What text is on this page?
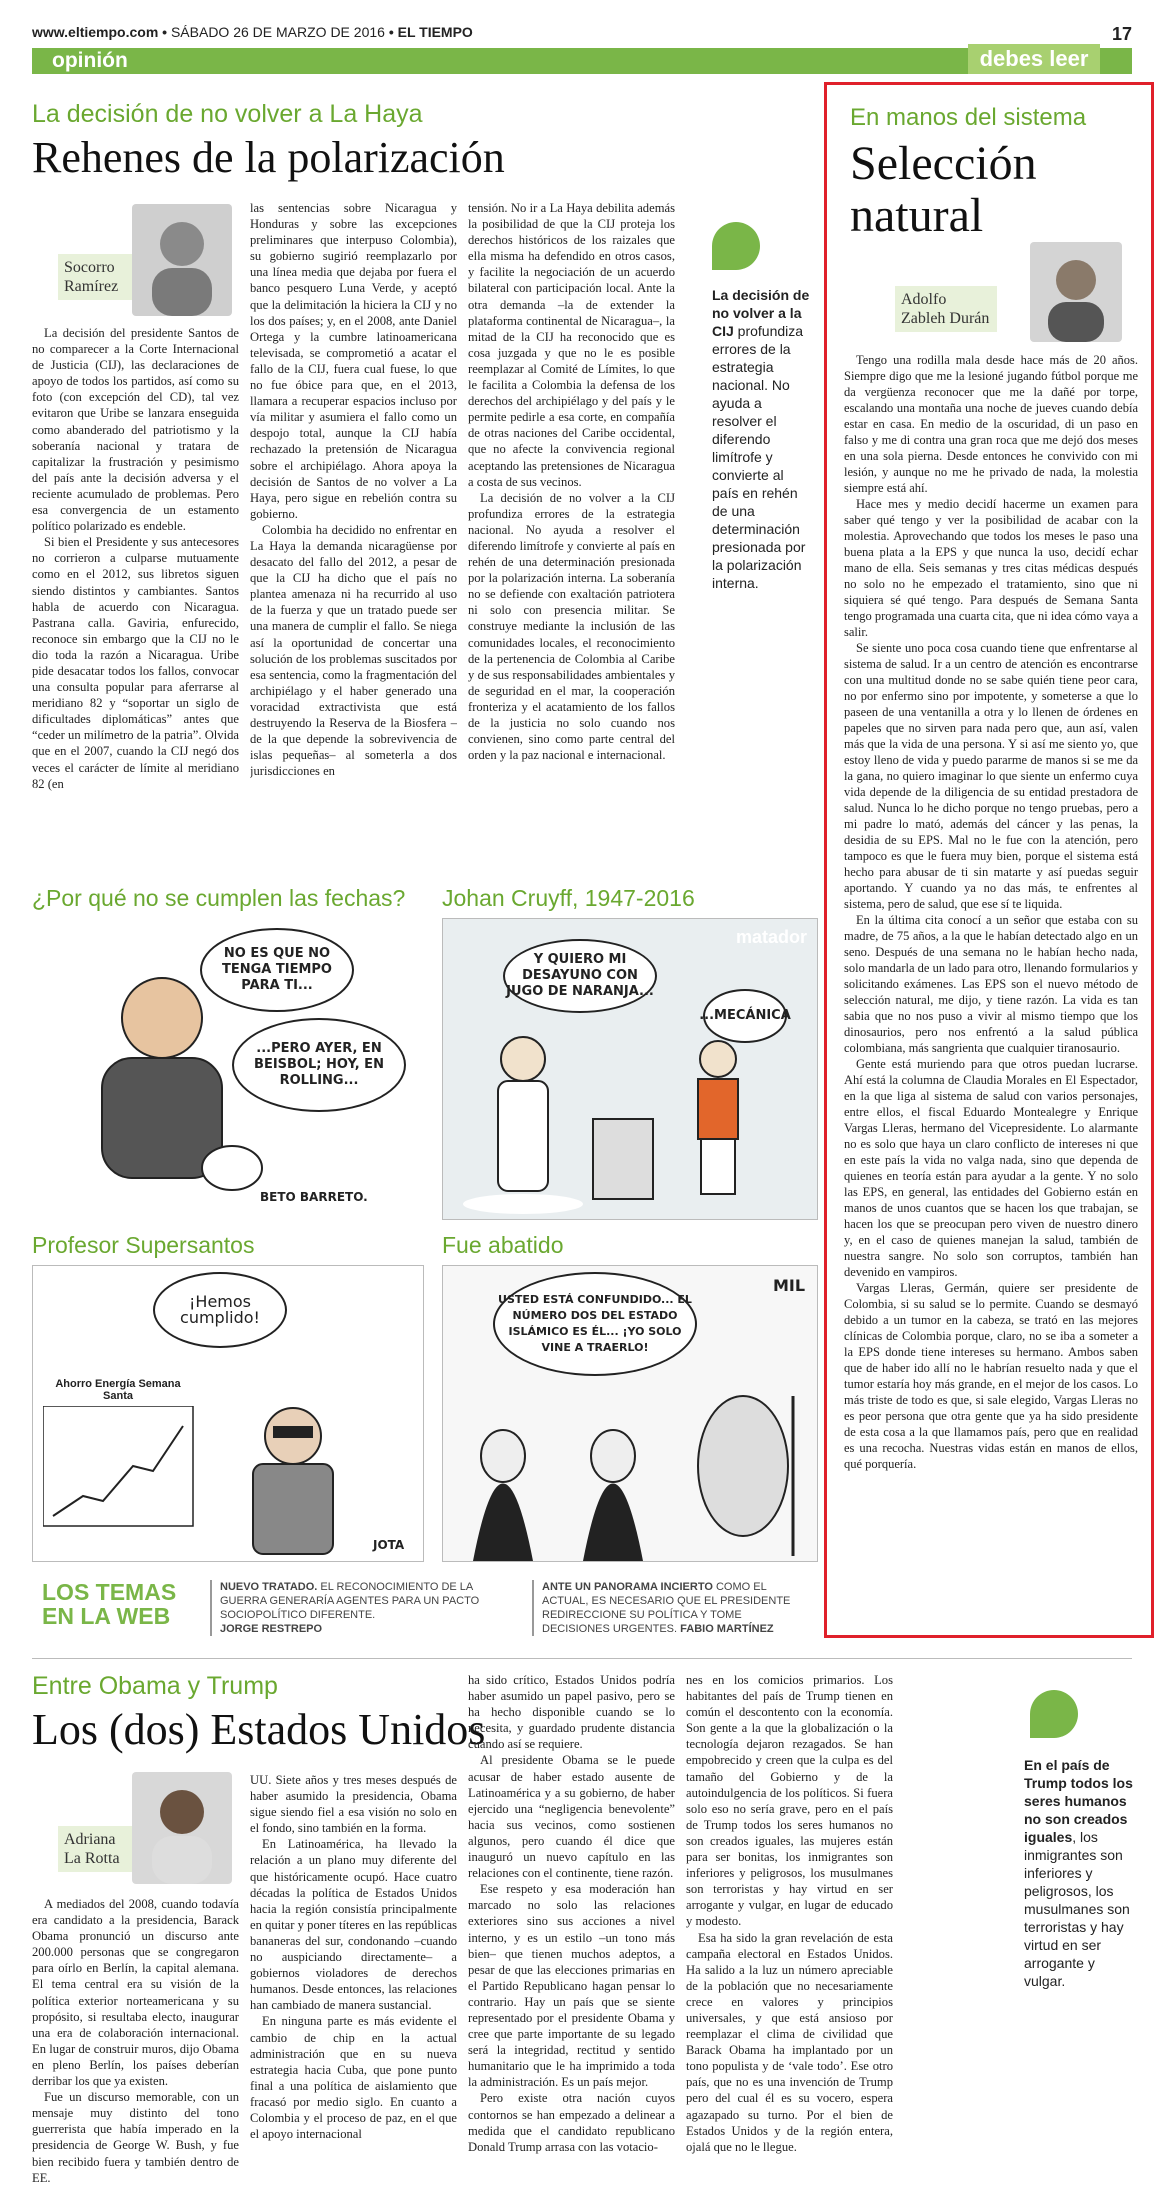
www.eltiempo.com • SÁBADO 26 DE MARZO DE 2016 • EL TIEMPO	17
opinión	debes leer
La decisión de no volver a La Haya
Rehenes de la polarización
Socorro Ramírez

La decisión del presidente Santos de no comparecer a la Corte Internacional de Justicia (CIJ), las declaraciones de apoyo de todos los partidos, así como su foto (con excepción del CD), tal vez evitaron que Uribe se lanzara enseguida como abanderado del patriotismo y la soberanía nacional y tratara de capitalizar la frustración y pesimismo del país ante la decisión adversa y el reciente acumulado de problemas. Pero esa convergencia de un estamento político polarizado es endeble.

Si bien el Presidente y sus antecesores no corrieron a culparse mutuamente como en el 2012, sus libretos siguen siendo distintos y cambiantes. Santos habla de acuerdo con Nicaragua. Pastrana calla. Gaviria, enfurecido, reconoce sin embargo que la CIJ no le dio toda la razón a Nicaragua. Uribe pide desacatar todos los fallos, convocar una consulta popular para aferrarse al meridiano 82 y “soportar un siglo de dificultades diplomáticas” antes que “ceder un milímetro de la patria”. Olvida que en el 2007, cuando la CIJ negó dos veces el carácter de límite al meridiano 82 (en

las sentencias sobre Nicaragua y Honduras y sobre las excepciones preliminares que interpuso Colombia), su gobierno sugirió reemplazarlo por una línea media que dejaba por fuera el banco pesquero Luna Verde, y aceptó que la delimitación la hiciera la CIJ y no los dos países; y, en el 2008, ante Daniel Ortega y la cumbre latinoamericana televisada, se comprometió a acatar el fallo de la CIJ, fuera cual fuese, lo que no fue óbice para que, en el 2013, llamara a recuperar espacios incluso por vía militar y asumiera el fallo como un despojo total, aunque la CIJ había rechazado la pretensión de Nicaragua sobre el archipiélago. Ahora apoya la decisión de Santos de no volver a La Haya, pero sigue en rebelión contra su gobierno.

Colombia ha decidido no enfrentar en La Haya la demanda nicaragüense por desacato del fallo del 2012, a pesar de que la CIJ ha dicho que el país no plantea amenaza ni ha recurrido al uso de la fuerza y que un tratado puede ser una manera de cumplir el fallo. Se niega así la oportunidad de concertar una solución de los problemas suscitados por esa sentencia, como la fragmentación del archipiélago y el haber generado una voracidad extractivista que está destruyendo la Reserva de la Biosfera –de la que depende la sobrevivencia de islas pequeñas– al someterla a dos jurisdicciones en

tensión. No ir a La Haya debilita además la posibilidad de que la CIJ proteja los derechos históricos de los raizales que ella misma ha defendido en otros casos, y facilite la negociación de un acuerdo bilateral con participación local. Ante la otra demanda –la de extender la plataforma continental de Nicaragua–, la mitad de la CIJ ha reconocido que es cosa juzgada y que no le es posible reemplazar al Comité de Límites, lo que le facilita a Colombia la defensa de los derechos del archipiélago y del país y le permite pedirle a esa corte, en compañía de otras naciones del Caribe occidental, que no afecte la convivencia regional aceptando las pretensiones de Nicaragua a costa de sus vecinos.

La decisión de no volver a la CIJ profundiza errores de la estrategia nacional. No ayuda a resolver el diferendo limítrofe y convierte al país en rehén de una determinación presionada por la polarización interna. La soberanía no se defiende con exaltación patriotera ni solo con presencia militar. Se construye mediante la inclusión de las comunidades locales, el reconocimiento de la pertenencia de Colombia al Caribe y de sus responsabilidades ambientales y de seguridad en el mar, la cooperación fronteriza y el acatamiento de los fallos de la justicia no solo cuando nos convienen, sino como parte central del orden y la paz nacional e internacional.

La decisión de no volver a la CIJ profundiza errores de la estrategia nacional. No ayuda a resolver el diferendo limítrofe y convierte al país en rehén de una determinación presionada por la polarización interna.
¿Por qué no se cumplen las fechas?
NO ES QUE NO TENGA TIEMPO PARA TI...
...PERO AYER, EN BEISBOL; HOY, EN ROLLING...
BETO BARRETO.
Johan Cruyff, 1947-2016
matador
Y QUIERO MI DESAYUNO CON JUGO DE NARANJA...
...MECÁNICA
Profesor Supersantos
¡Hemos cumplido!
Ahorro Energía Semana Santa
JOTA
Fue abatido
USTED ESTÁ CONFUNDIDO... EL NÚMERO DOS DEL ESTADO ISLÁMICO ES ÉL... ¡YO SOLO VINE A TRAERLO!
MIL
LOS TEMAS EN LA WEB
NUEVO TRATADO. EL RECONOCIMIENTO DE LA GUERRA GENERARÍA AGENTES PARA UN PACTO SOCIOPOLÍTICO DIFERENTE.
JORGE RESTREPO
ANTE UN PANORAMA INCIERTO COMO EL ACTUAL, ES NECESARIO QUE EL PRESIDENTE REDIRECCIONE SU POLÍTICA Y TOME DECISIONES URGENTES. FABIO MARTÍNEZ
En manos del sistema
Selección
natural
Adolfo Zableh Durán

Tengo una rodilla mala desde hace más de 20 años. Siempre digo que me la lesioné jugando fútbol porque me da vergüenza reconocer que me la dañé por torpe, escalando una montaña una noche de jueves cuando debía estar en casa. En medio de la oscuridad, di un paso en falso y me di contra una gran roca que me dejó dos meses en una sola pierna. Desde entonces he convivido con mi lesión, y aunque no me he privado de nada, la molestia siempre está ahí.

Hace mes y medio decidí hacerme un examen para saber qué tengo y ver la posibilidad de acabar con la molestia. Aprovechando que todos los meses le paso una buena plata a la EPS y que nunca la uso, decidí echar mano de ella. Seis semanas y tres citas médicas después no solo no he empezado el tratamiento, sino que ni siquiera sé qué tengo. Para después de Semana Santa tengo programada una cuarta cita, que ni idea cómo vaya a salir.

Se siente uno poca cosa cuando tiene que enfrentarse al sistema de salud. Ir a un centro de atención es encontrarse con una multitud donde no se sabe quién tiene peor cara, no por enfermo sino por impotente, y someterse a que lo paseen de una ventanilla a otra y lo llenen de órdenes en papeles que no sirven para nada pero que, aun así, valen más que la vida de una persona. Y si así me siento yo, que estoy lleno de vida y puedo pararme de manos si se me da la gana, no quiero imaginar lo que siente un enfermo cuya vida depende de la diligencia de su entidad prestadora de salud. Nunca lo he dicho porque no tengo pruebas, pero a mi padre lo mató, además del cáncer y las penas, la desidia de su EPS. Mal no le fue con la atención, pero tampoco es que le fuera muy bien, porque el sistema está hecho para abusar de ti sin matarte y así puedas seguir aportando. Y cuando ya no das más, te enfrentes al sistema, pero de salud, que ese sí te liquida.

En la última cita conocí a un señor que estaba con su madre, de 75 años, a la que le habían detectado algo en un seno. Después de una semana no le habían hecho nada, solo mandarla de un lado para otro, llenando formularios y solicitando exámenes. Las EPS son el nuevo método de selección natural, me dijo, y tiene razón. La vida es tan sabia que no nos puso a vivir al mismo tiempo que los dinosaurios, pero nos enfrentó a la salud pública colombiana, más sangrienta que cualquier tiranosaurio.

Gente está muriendo para que otros puedan lucrarse. Ahí está la columna de Claudia Morales en El Espectador, en la que liga al sistema de salud con varios personajes, entre ellos, el fiscal Eduardo Montealegre y Enrique Vargas Lleras, hermano del Vicepresidente. Lo alarmante no es solo que haya un claro conflicto de intereses ni que en este país la vida no valga nada, sino que dependa de quienes en teoría están para ayudar a la gente. Y no solo las EPS, en general, las entidades del Gobierno están en manos de unos cuantos que se hacen los que trabajan, se hacen los que se preocupan pero viven de nuestro dinero y, en el caso de quienes manejan la salud, también de nuestra sangre. No solo son corruptos, también han devenido en vampiros.

Vargas Lleras, Germán, quiere ser presidente de Colombia, si su salud se lo permite. Cuando se desmayó debido a un tumor en la cabeza, se trató en las mejores clínicas de Colombia porque, claro, no se iba a someter a la EPS donde tiene intereses su hermano. Ambos saben que de haber ido allí no le habrían resuelto nada y que el tumor estaría hoy más grande, en el mejor de los casos. Lo más triste de todo es que, si sale elegido, Vargas Lleras no es peor persona que otra gente que ya ha sido presidente de esta cosa a la que llamamos país, pero que en realidad es una recocha. Nuestras vidas están en manos de ellos, qué porquería.

Entre Obama y Trump
Los (dos) Estados Unidos
Adriana La Rotta

A mediados del 2008, cuando todavía era candidato a la presidencia, Barack Obama pronunció un discurso ante 200.000 personas que se congregaron para oírlo en Berlín, la capital alemana. El tema central era su visión de la política exterior norteamericana y su propósito, si resultaba electo, inaugurar una era de colaboración internacional. En lugar de construir muros, dijo Obama en pleno Berlín, los países deberían derribar los que ya existen.

Fue un discurso memorable, con un mensaje muy distinto del tono guerrerista que había imperado en la presidencia de George W. Bush, y fue bien recibido fuera y también dentro de EE.

UU. Siete años y tres meses después de haber asumido la presidencia, Obama sigue siendo fiel a esa visión no solo en el fondo, sino también en la forma.

En Latinoamérica, ha llevado la relación a un plano muy diferente del que históricamente ocupó. Hace cuatro décadas la política de Estados Unidos hacia la región consistía principalmente en quitar y poner títeres en las repúblicas bananeras del sur, condonando –cuando no auspiciando directamente– a gobiernos violadores de derechos humanos. Desde entonces, las relaciones han cambiado de manera sustancial.

En ninguna parte es más evidente el cambio de chip en la actual administración que en su nueva estrategia hacia Cuba, que pone punto final a una política de aislamiento que fracasó por medio siglo. En cuanto a Colombia y el proceso de paz, en el que el apoyo internacional

ha sido crítico, Estados Unidos podría haber asumido un papel pasivo, pero se ha hecho disponible cuando se lo necesita, y guardado prudente distancia cuando así se requiere.

Al presidente Obama se le puede acusar de haber estado ausente de Latinoamérica y a su gobierno, de haber ejercido una “negligencia benevolente” hacia sus vecinos, como sostienen algunos, pero cuando él dice que inauguró un nuevo capítulo en las relaciones con el continente, tiene razón.

Ese respeto y esa moderación han marcado no solo las relaciones exteriores sino sus acciones a nivel interno, y es un estilo –un tono más bien– que tienen muchos adeptos, a pesar de que las elecciones primarias en el Partido Republicano hagan pensar lo contrario. Hay un país que se siente representado por el presidente Obama y cree que parte importante de su legado será la integridad, rectitud y sentido humanitario que le ha imprimido a toda la administración. Es un país mejor.

Pero existe otra nación cuyos contornos se han empezado a delinear a medida que el candidato republicano Donald Trump arrasa con las votacio-

nes en los comicios primarios. Los habitantes del país de Trump tienen en común el descontento con la economía. Son gente a la que la globalización o la tecnología dejaron rezagados. Se han empobrecido y creen que la culpa es del tamaño del Gobierno y de la autoindulgencia de los políticos. Si fuera solo eso no sería grave, pero en el país de Trump todos los seres humanos no son creados iguales, las mujeres están para ser bonitas, los inmigrantes son inferiores y peligrosos, los musulmanes son terroristas y hay virtud en ser arrogante y vulgar, en lugar de educado y modesto.

Esa ha sido la gran revelación de esta campaña electoral en Estados Unidos. Ha salido a la luz un número apreciable de la población que no necesariamente crece en valores y principios universales, y que está ansioso por reemplazar el clima de civilidad que Barack Obama ha implantado por un tono populista y de ‘vale todo’. Ese otro país, que no es una invención de Trump pero del cual él es su vocero, espera agazapado su turno. Por el bien de Estados Unidos y de la región entera, ojalá que no le llegue.

En el país de Trump todos los seres humanos no son creados iguales, los inmigrantes son inferiores y peligrosos, los musulmanes son terroristas y hay virtud en ser arrogante y vulgar.
